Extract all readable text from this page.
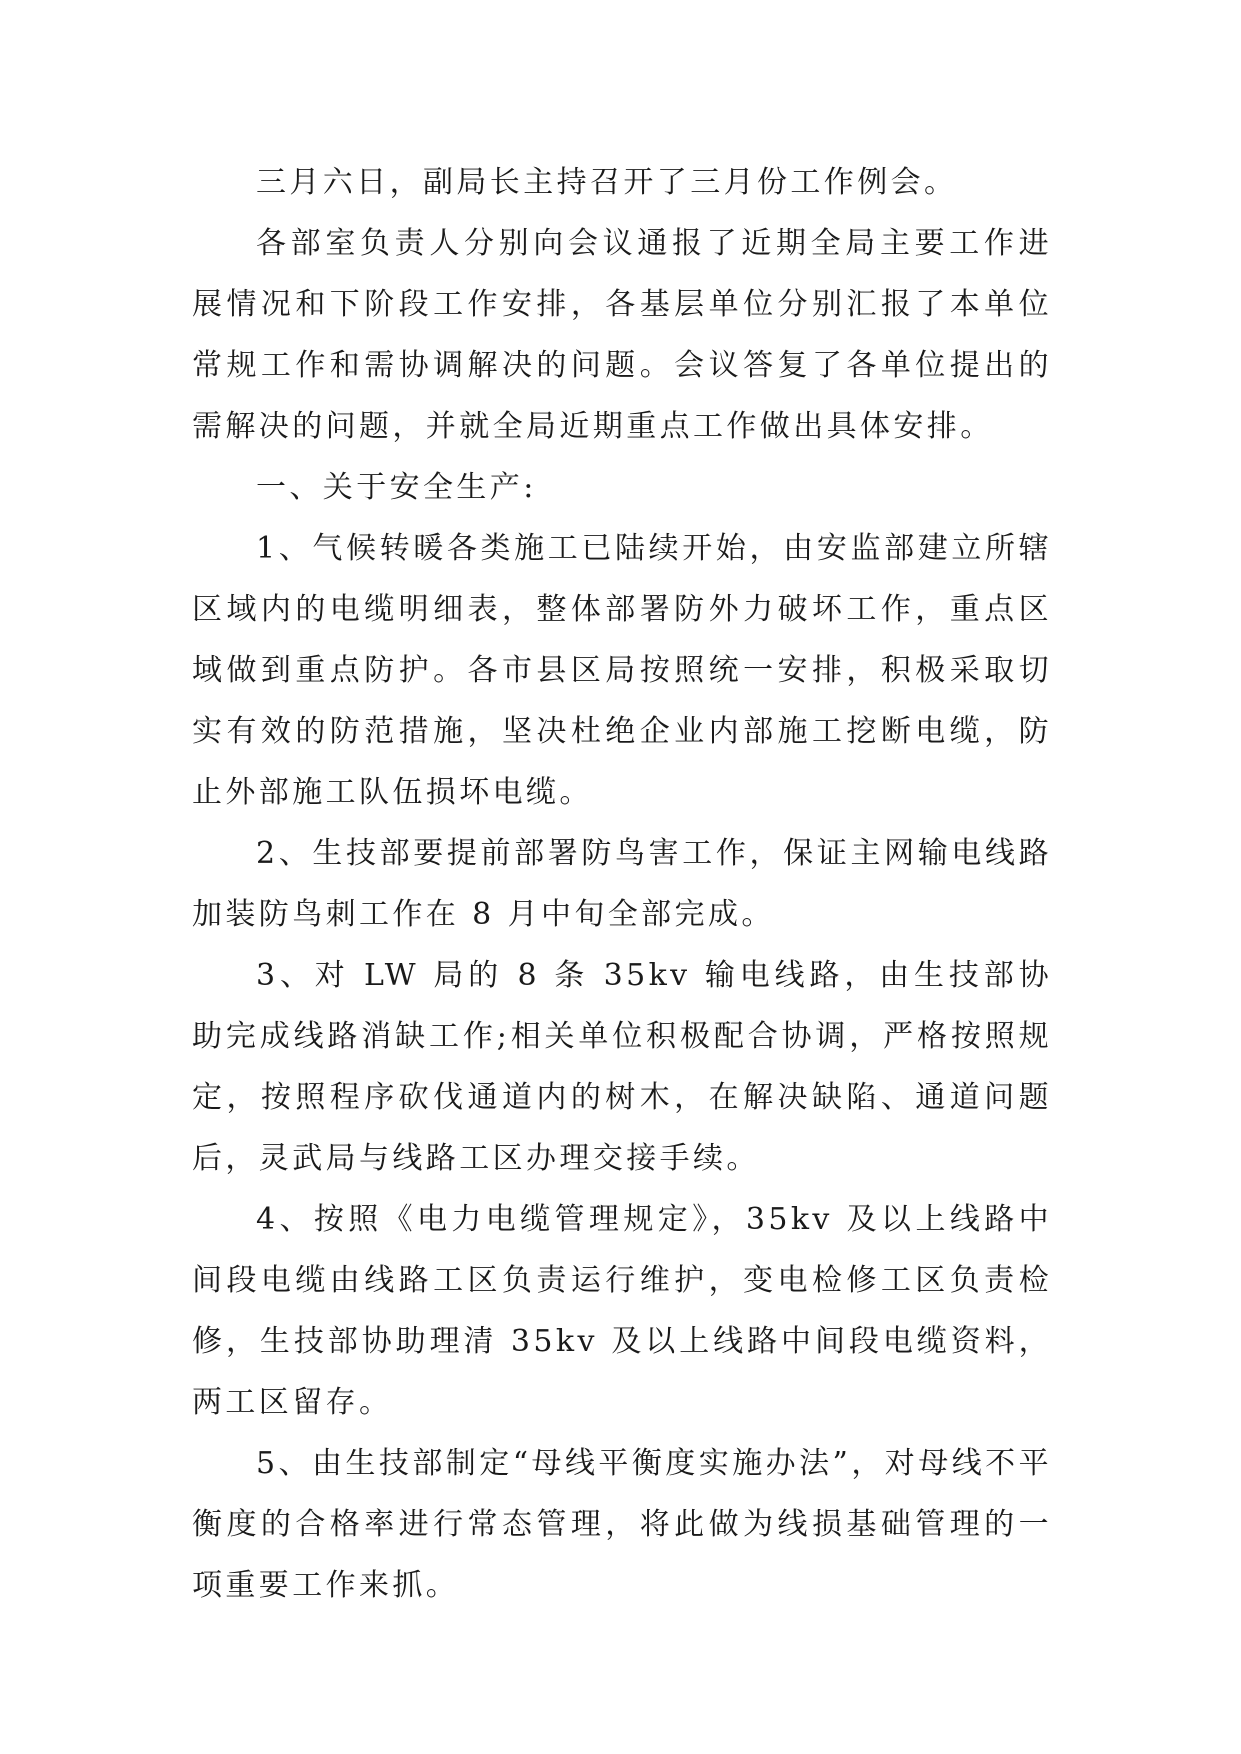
三月六日，副局长主持召开了三月份工作例会。

各部室负责人分别向会议通报了近期全局主要工作进展情况和下阶段工作安排，各基层单位分别汇报了本单位常规工作和需协调解决的问题。会议答复了各单位提出的需解决的问题，并就全局近期重点工作做出具体安排。

一、关于安全生产:

1、气候转暖各类施工已陆续开始，由安监部建立所辖区域内的电缆明细表，整体部署防外力破坏工作，重点区域做到重点防护。各市县区局按照统一安排，积极采取切实有效的防范措施，坚决杜绝企业内部施工挖断电缆，防止外部施工队伍损坏电缆。

2、生技部要提前部署防鸟害工作，保证主网输电线路加装防鸟刺工作在 8 月中旬全部完成。

3、对 LW 局的 8 条 35kv 输电线路，由生技部协助完成线路消缺工作;相关单位积极配合协调，严格按照规定，按照程序砍伐通道内的树木，在解决缺陷、通道问题后，灵武局与线路工区办理交接手续。

4、按照《电力电缆管理规定》，35kv 及以上线路中间段电缆由线路工区负责运行维护，变电检修工区负责检修，生技部协助理清 35kv 及以上线路中间段电缆资料，两工区留存。

5、由生技部制定“母线平衡度实施办法”，对母线不平衡度的合格率进行常态管理，将此做为线损基础管理的一项重要工作来抓。
